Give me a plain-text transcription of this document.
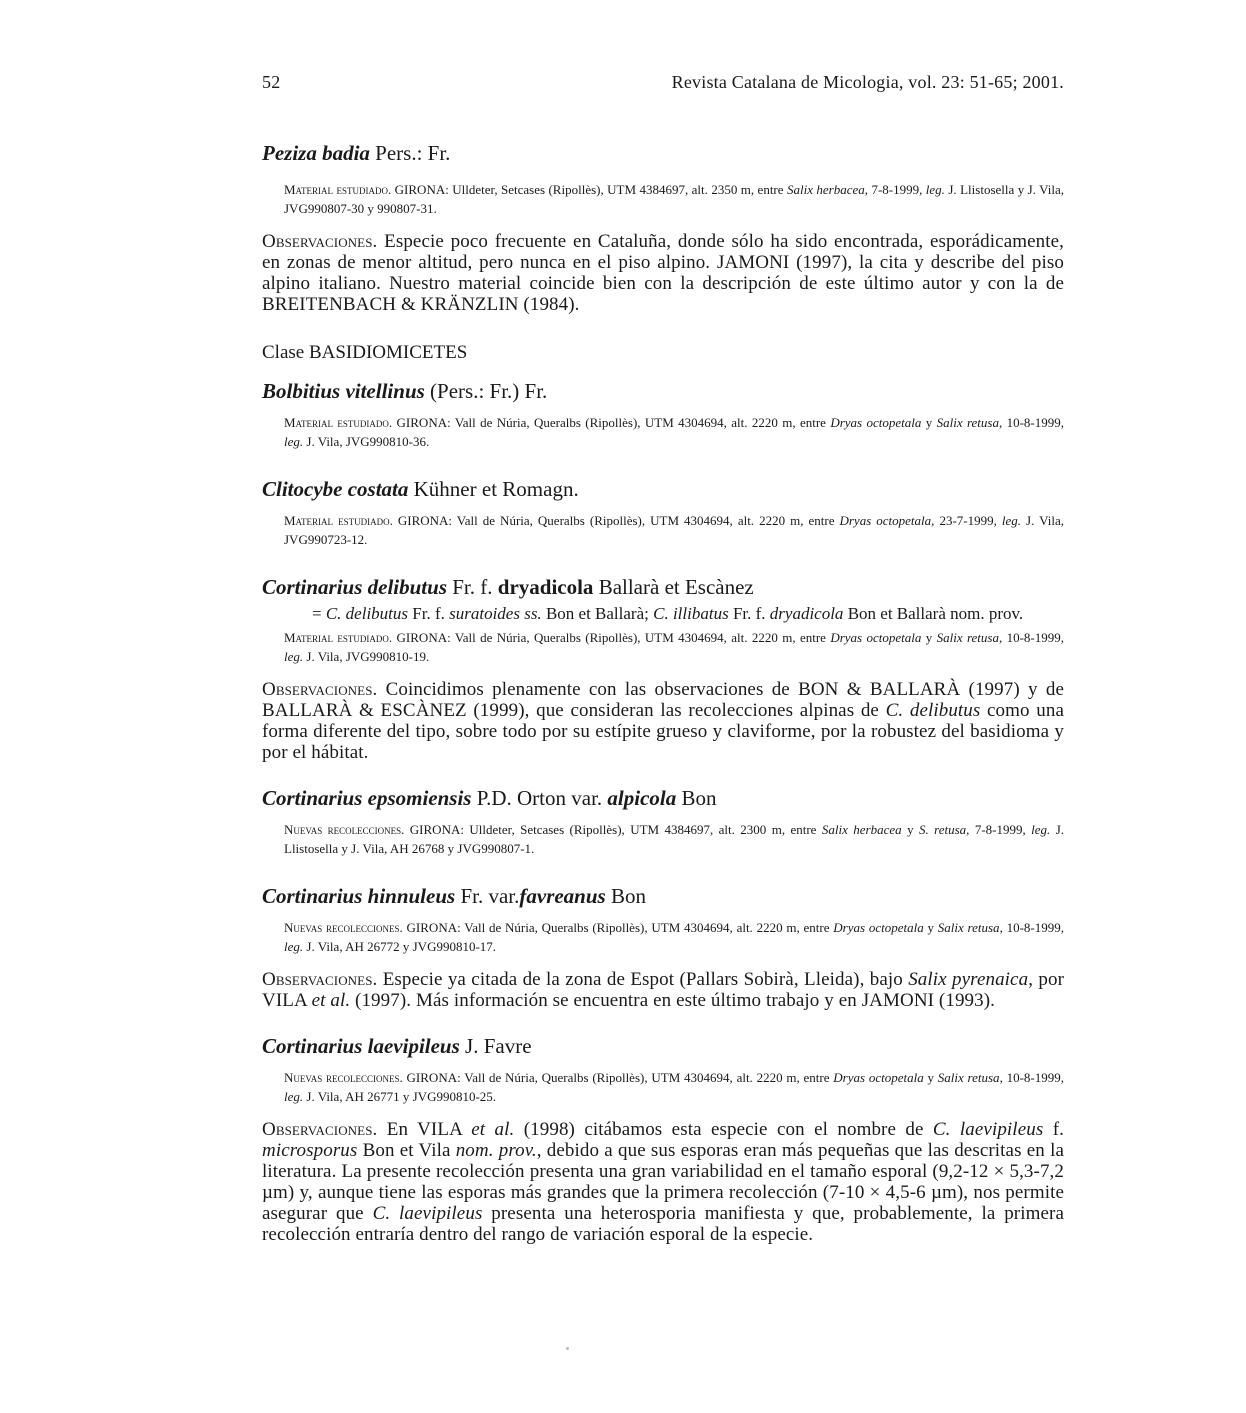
52	Revista Catalana de Micologia, vol. 23: 51-65; 2001.

Peziza badia Pers.: Fr.

Material estudiado. GIRONA: Ulldeter, Setcases (Ripollès), UTM 4384697, alt. 2350 m, entre Salix herbacea, 7-8-1999, leg. J. Llistosella y J. Vila, JVG990807-30 y 990807-31.

Observaciones. Especie poco frecuente en Cataluña, donde sólo ha sido encontrada, esporádicamente, en zonas de menor altitud, pero nunca en el piso alpino. JAMONI (1997), la cita y describe del piso alpino italiano. Nuestro material coincide bien con la descripción de este último autor y con la de BREITENBACH & KRÄNZLIN (1984).

Clase BASIDIOMICETES

Bolbitius vitellinus (Pers.: Fr.) Fr.

Material estudiado. GIRONA: Vall de Núria, Queralbs (Ripollès), UTM 4304694, alt. 2220 m, entre Dryas octopetala y Salix retusa, 10-8-1999, leg. J. Vila, JVG990810-36.

Clitocybe costata Kühner et Romagn.

Material estudiado. GIRONA: Vall de Núria, Queralbs (Ripollès), UTM 4304694, alt. 2220 m, entre Dryas octopetala, 23-7-1999, leg. J. Vila, JVG990723-12.

Cortinarius delibutus Fr. f. dryadicola Ballarà et Escànez

= C. delibutus Fr. f. suratoides ss. Bon et Ballarà; C. illibatus Fr. f. dryadicola Bon et Ballarà nom. prov.

Material estudiado. GIRONA: Vall de Núria, Queralbs (Ripollès), UTM 4304694, alt. 2220 m, entre Dryas octopetala y Salix retusa, 10-8-1999, leg. J. Vila, JVG990810-19.

Observaciones. Coincidimos plenamente con las observaciones de BON & BALLARÀ (1997) y de BALLARÀ & ESCÀNEZ (1999), que consideran las recolecciones alpinas de C. delibutus como una forma diferente del tipo, sobre todo por su estípite grueso y claviforme, por la robustez del basidioma y por el hábitat.

Cortinarius epsomiensis P.D. Orton var. alpicola Bon

Nuevas recolecciones. GIRONA: Ulldeter, Setcases (Ripollès), UTM 4384697, alt. 2300 m, entre Salix herbacea y S. retusa, 7-8-1999, leg. J. Llistosella y J. Vila, AH 26768 y JVG990807-1.

Cortinarius hinnuleus Fr. var.favreanus Bon

Nuevas recolecciones. GIRONA: Vall de Núria, Queralbs (Ripollès), UTM 4304694, alt. 2220 m, entre Dryas octopetala y Salix retusa, 10-8-1999, leg. J. Vila, AH 26772 y JVG990810-17.

Observaciones. Especie ya citada de la zona de Espot (Pallars Sobirà, Lleida), bajo Salix pyrenaica, por VILA et al. (1997). Más información se encuentra en este último trabajo y en JAMONI (1993).

Cortinarius laevipileus J. Favre

Nuevas recolecciones. GIRONA: Vall de Núria, Queralbs (Ripollès), UTM 4304694, alt. 2220 m, entre Dryas octopetala y Salix retusa, 10-8-1999, leg. J. Vila, AH 26771 y JVG990810-25.

Observaciones. En VILA et al. (1998) citábamos esta especie con el nombre de C. laevipileus f. microsporus Bon et Vila nom. prov., debido a que sus esporas eran más pequeñas que las descritas en la literatura. La presente recolección presenta una gran variabilidad en el tamaño esporal (9,2-12 × 5,3-7,2 µm) y, aunque tiene las esporas más grandes que la primera recolección (7-10 × 4,5-6 µm), nos permite asegurar que C. laevipileus presenta una heterosporia manifiesta y que, probablemente, la primera recolección entraría dentro del rango de variación esporal de la especie.
